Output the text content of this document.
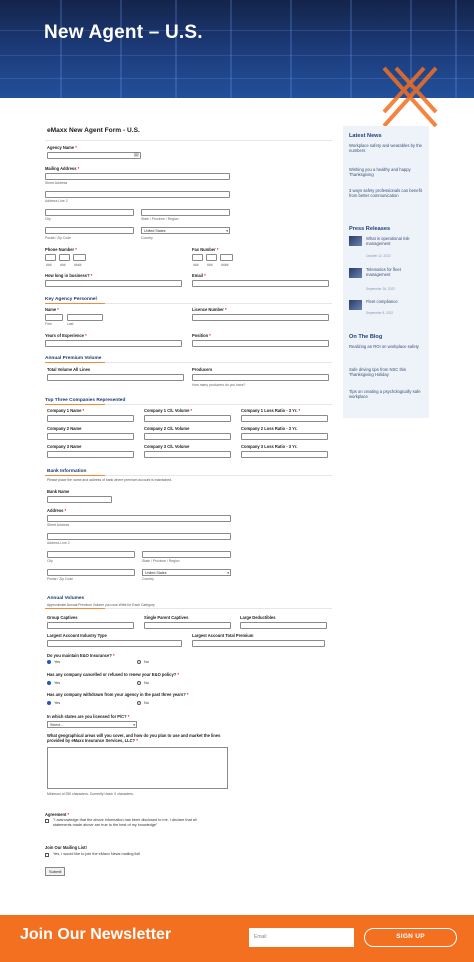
New Agent – U.S.
eMaxx New Agent Form - U.S.
Agency Name *
▤
Mailing Address *
Street Address
Address Line 2
City	State / Province / Region
United States	▾
Postal / Zip Code	Country
Phone Number *	Fax Number *
### ### ####	### ### ####
How long in business? *	Email *
Key Agency Personnel
Name *	Licence Number *
First	Last
Years of Experience *	Position *
Annual Premium Volume
Total Volume All Lines	Producers
How many producers do you have?
Top Three Companies Represented
Company 1 Name *	Company 1 C/L Volume *	Company 1 Loss Ratio - 3 Yr. *
Company 2 Name	Company 2 C/L Volume	Company 2 Loss Ratio - 3 Yr.
Company 3 Name	Company 3 C/L Volume	Company 3 Loss Ratio - 3 Yr.
Bank Information
Please place the name and address of bank where premium account is maintained.
Bank Name
Address *
Street Address
Address Line 2
City	State / Province / Region
United States	▾
Postal / Zip Code	Country
Annual Volumes
Approximate Annual Premium Volume you now Write for Each Category
Group Captives	Single Parent Captives	Large Deductibles
Largest Account Industry Type	Largest Account Total Premium
Do you maintain E&O Insurance? *
Yes	No
Has any company cancelled or refused to renew your E&O policy? *
Yes	No
Has any company withdrawn from your agency in the past three years? *
Yes	No
In which states are you licensed for P/C? *
Select...	▾
What geographical areas will you cover, and how do you plan to use and market the lines provided by eMaxx Insurance Services, LLC? *
Minimum of 250 characters. Currently Used: 0 characters.
Agreement *
"I acknowledge that the above information has been disclosed to me. I declare that all statements made above are true to the best of my knowledge"
Join Our Mailing List!
Yes, I would like to join the eMaxx News mailing list!
Submit
Latest News
Workplace safety and wearables by the numbers
Wishing you a healthy and happy Thanksgiving
3 ways safety professionals can benefit from better communication
Press Releases
What is operational risk management
October 12, 2022
Telematics for fleet management
September 26, 2022
Fleet compliance
September 8, 2022
On The Blog
Realizing an ROI on workplace safety
Safe driving tips from NSC this Thanksgiving Holiday
Tips on creating a psychologically safe workplace
Join Our Newsletter	Email	SIGN UP
